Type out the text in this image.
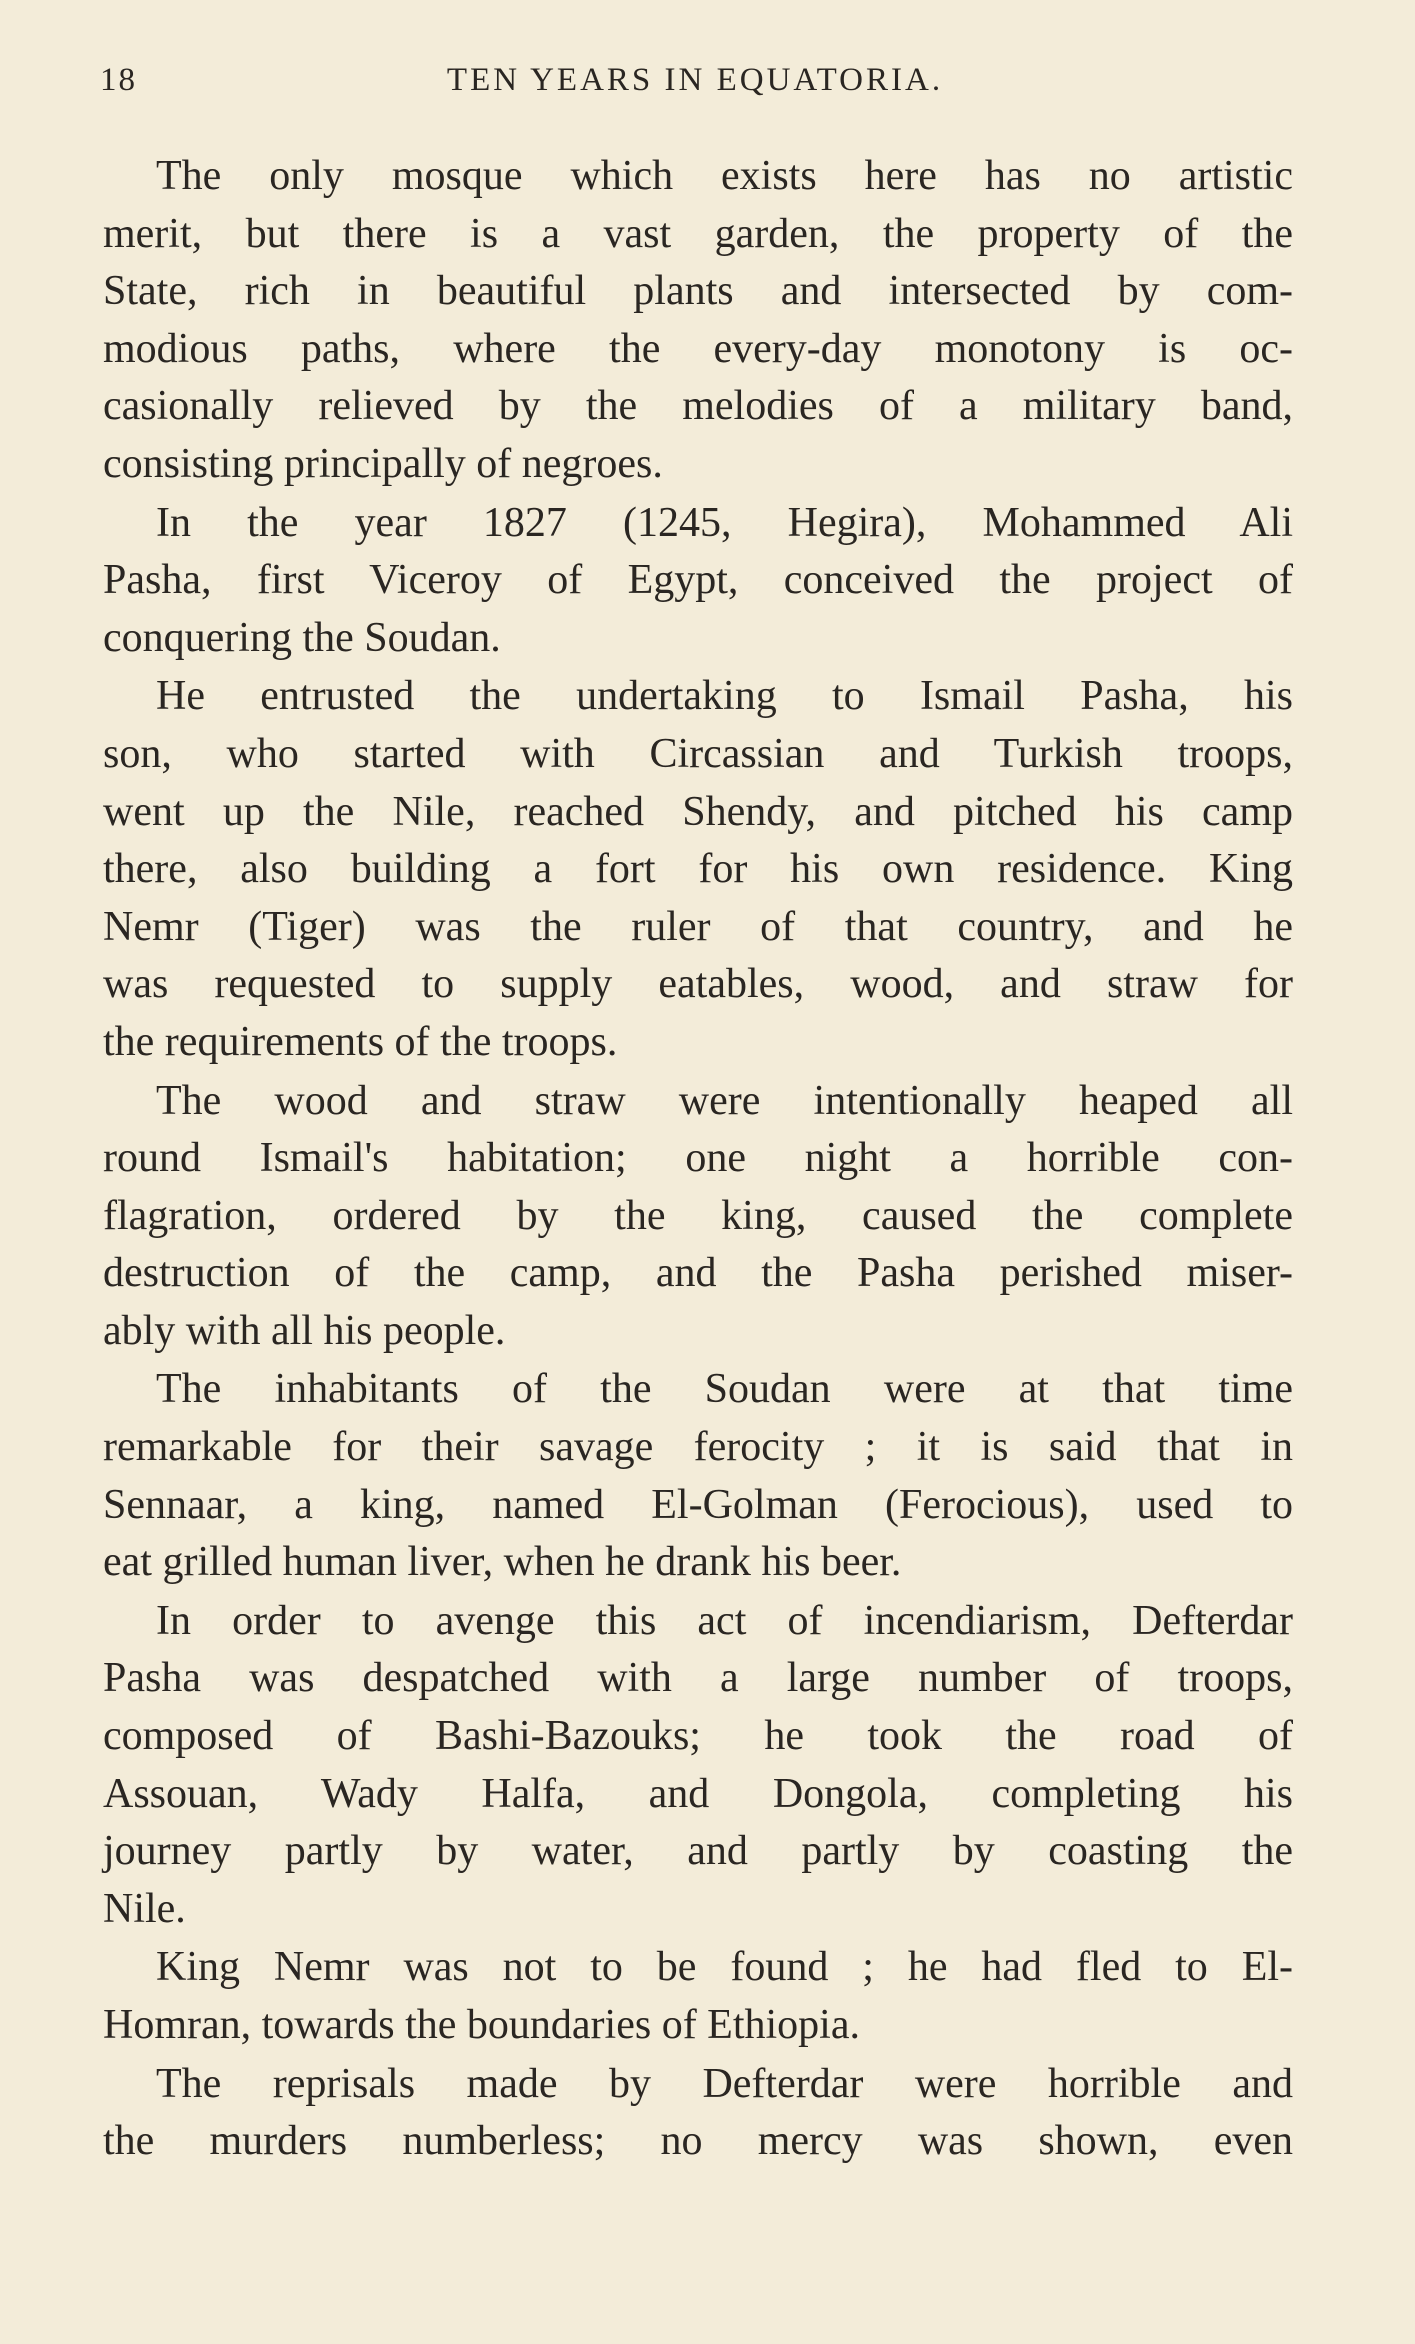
18	TEN YEARS IN EQUATORIA.
The only mosque which exists here has no artistic
merit, but there is a vast garden, the property of the
State, rich in beautiful plants and intersected by com-
modious paths, where the every-day monotony is oc-
casionally relieved by the melodies of a military band,
consisting principally of negroes.
In the year 1827 (1245, Hegira), Mohammed Ali
Pasha, first Viceroy of Egypt, conceived the project of
conquering the Soudan.
He entrusted the undertaking to Ismail Pasha, his
son, who started with Circassian and Turkish troops,
went up the Nile, reached Shendy, and pitched his camp
there, also building a fort for his own residence. King
Nemr (Tiger) was the ruler of that country, and he
was requested to supply eatables, wood, and straw for
the requirements of the troops.
The wood and straw were intentionally heaped all
round Ismail's habitation; one night a horrible con-
flagration, ordered by the king, caused the complete
destruction of the camp, and the Pasha perished miser-
ably with all his people.
The inhabitants of the Soudan were at that time
remarkable for their savage ferocity ; it is said that in
Sennaar, a king, named El-Golman (Ferocious), used to
eat grilled human liver, when he drank his beer.
In order to avenge this act of incendiarism, Defterdar
Pasha was despatched with a large number of troops,
composed of Bashi-Bazouks; he took the road of
Assouan, Wady Halfa, and Dongola, completing his
journey partly by water, and partly by coasting the
Nile.
King Nemr was not to be found ; he had fled to El-
Homran, towards the boundaries of Ethiopia.
The reprisals made by Defterdar were horrible and
the murders numberless; no mercy was shown, even
